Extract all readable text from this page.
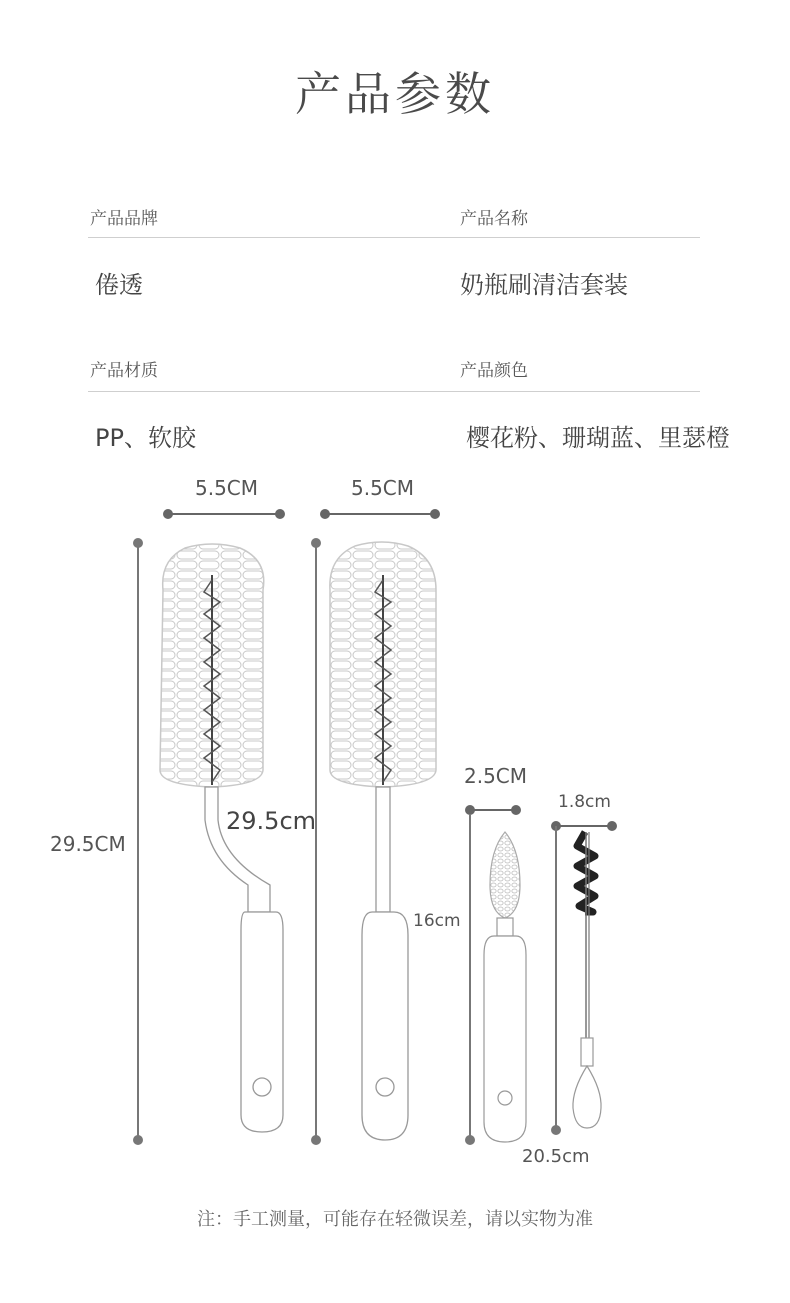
产品参数
产品品牌	产品名称
倦透	奶瓶刷清洁套装
产品材质	产品颜色
PP、软胶	樱花粉、珊瑚蓝、里瑟橙
5.5CM	5.5CM
29.5CM
29.5cm
2.5CM
16cm
1.8cm
20.5cm
注：手工测量，可能存在轻微误差，请以实物为准
